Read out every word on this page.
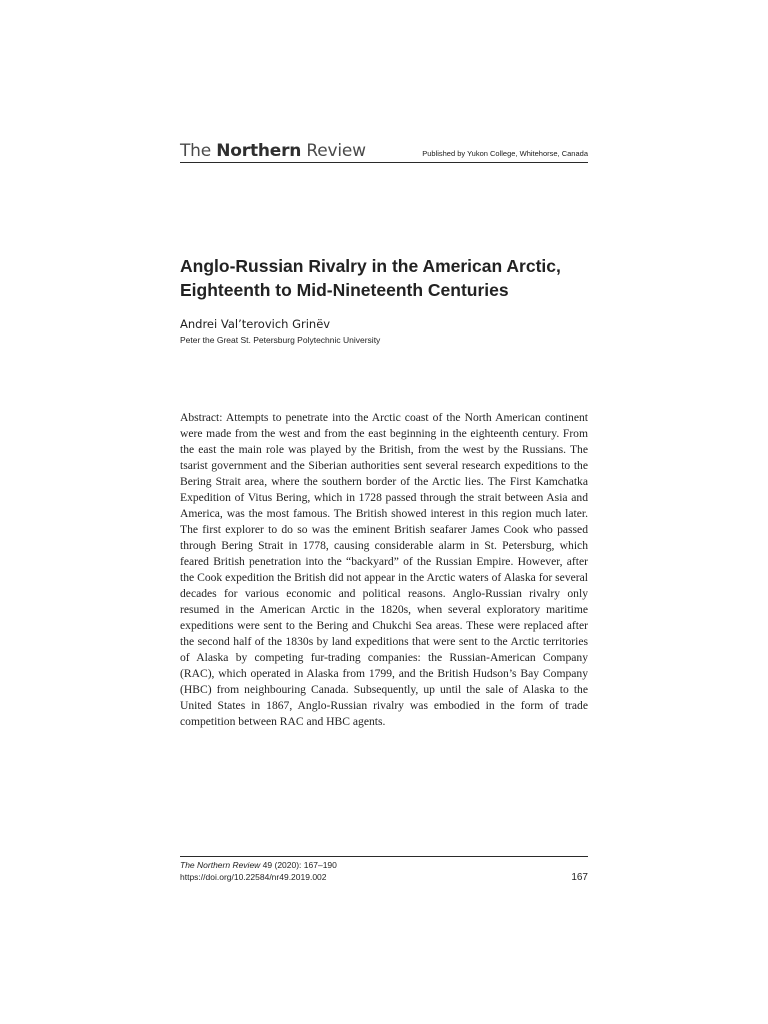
The Northern Review	Published by Yukon College, Whitehorse, Canada
Anglo-Russian Rivalry in the American Arctic,
Eighteenth to Mid-Nineteenth Centuries
Andrei Val’terovich Grinëv
Peter the Great St. Petersburg Polytechnic University

Abstract: Attempts to penetrate into the Arctic coast of the North American continent were made from the west and from the east beginning in the eighteenth century. From the east the main role was played by the British, from the west by the Russians. The tsarist government and the Siberian authorities sent several research expeditions to the Bering Strait area, where the southern border of the Arctic lies. The First Kamchatka Expedition of Vitus Bering, which in 1728 passed through the strait between Asia and America, was the most famous. The British showed interest in this region much later. The first explorer to do so was the eminent British seafarer James Cook who passed through Bering Strait in 1778, causing considerable alarm in St. Petersburg, which feared British penetration into the “backyard” of the Russian Empire. However, after the Cook expedition the British did not appear in the Arctic waters of Alaska for several decades for various economic and political reasons. Anglo-Russian rivalry only resumed in the American Arctic in the 1820s, when several exploratory maritime expeditions were sent to the Bering and Chukchi Sea areas. These were replaced after the second half of the 1830s by land expeditions that were sent to the Arctic territories of Alaska by competing fur-trading companies: the Russian-American Company (RAC), which operated in Alaska from 1799, and the British Hudson’s Bay Company (HBC) from neighbouring Canada. Subsequently, up until the sale of Alaska to the United States in 1867, Anglo-Russian rivalry was embodied in the form of trade competition between RAC and HBC agents.

The Northern Review 49 (2020): 167–190
https://doi.org/10.22584/nr49.2019.002	167
